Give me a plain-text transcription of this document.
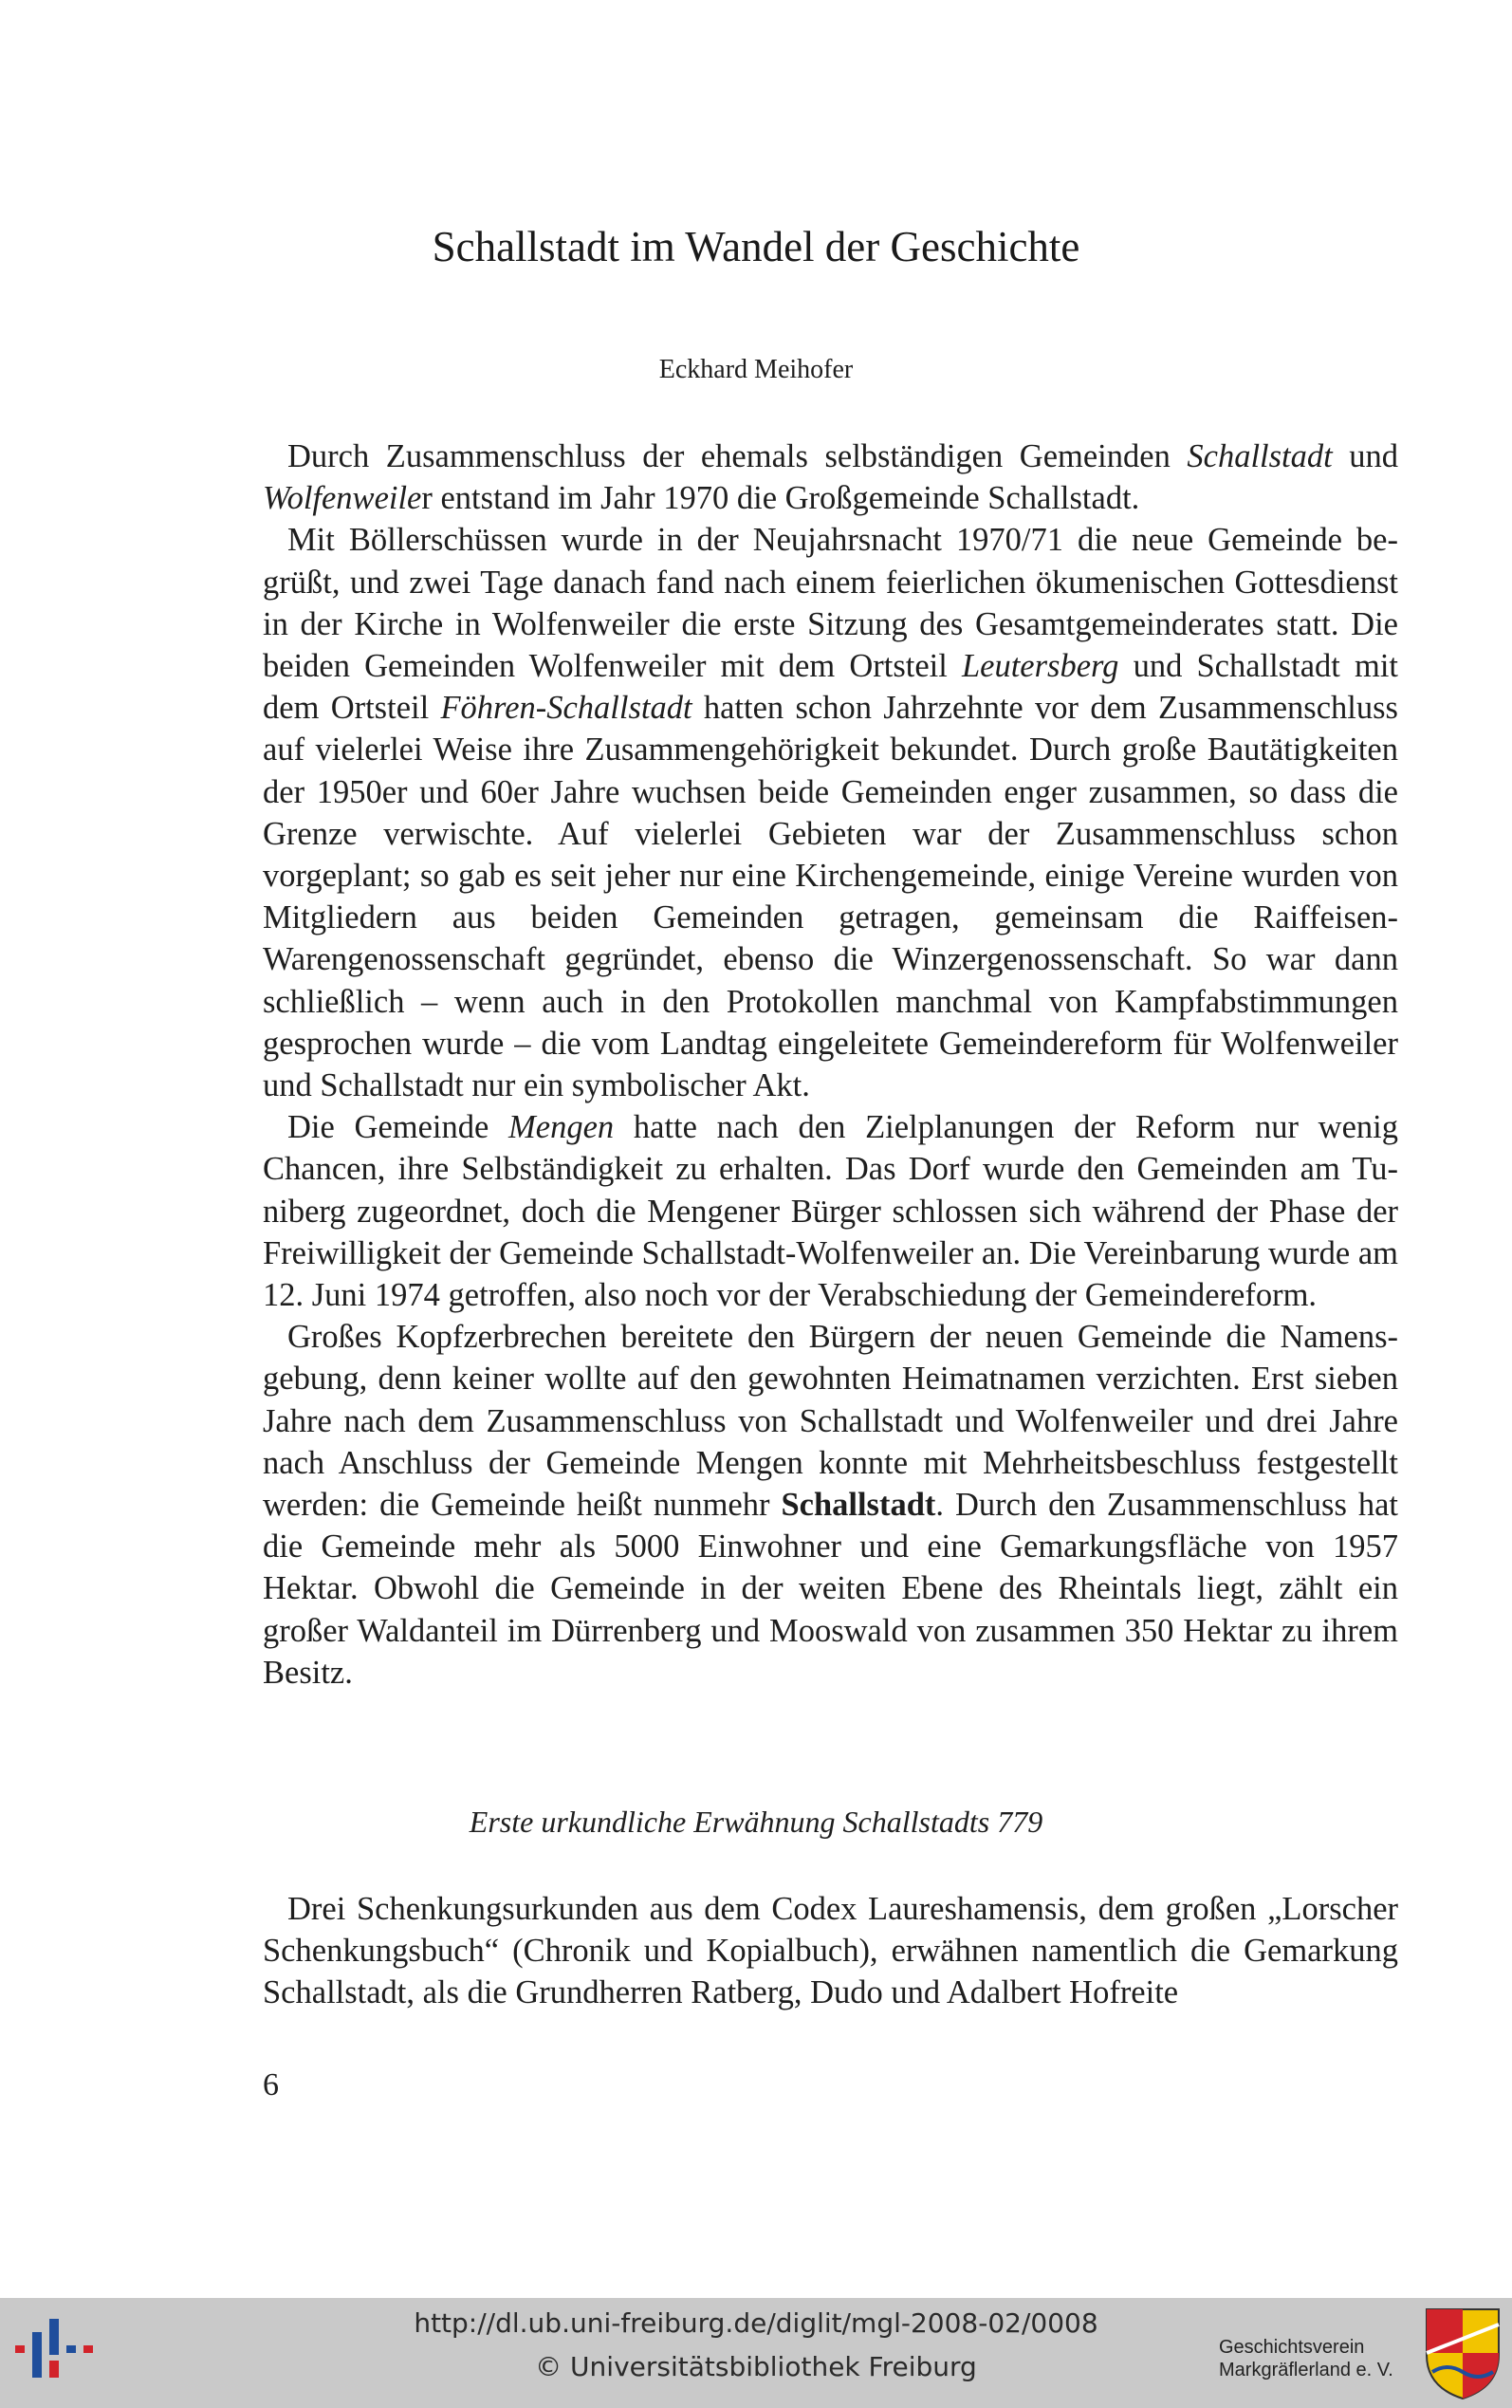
Schallstadt im Wandel der Geschichte
Eckhard Meihofer

Durch Zusammenschluss der ehemals selbständigen Gemeinden Schallstadt und Wolfenweiler entstand im Jahr 1970 die Großgemeinde Schallstadt.

Mit Böllerschüssen wurde in der Neujahrsnacht 1970/71 die neue Gemeinde begrüßt, und zwei Tage danach fand nach einem feierlichen ökumenischen Gottesdienst in der Kirche in Wolfenweiler die erste Sitzung des Gesamtgemeinderates statt. Die beiden Gemeinden Wolfenweiler mit dem Ortsteil Leutersberg und Schallstadt mit dem Ortsteil Föhren-Schallstadt hatten schon Jahrzehnte vor dem Zusammenschluss auf vielerlei Weise ihre Zusammengehörigkeit bekundet. Durch große Bautätigkeiten der 1950er und 60er Jahre wuchsen beide Gemeinden enger zusammen, so dass die Grenze verwischte. Auf vielerlei Gebieten war der Zusammenschluss schon vorgeplant; so gab es seit jeher nur eine Kirchengemeinde, einige Vereine wurden von Mitgliedern aus beiden Gemeinden getragen, gemeinsam die Raiffeisen-Warengenossenschaft gegründet, ebenso die Winzergenossenschaft. So war dann schließlich – wenn auch in den Protokollen manchmal von Kampfabstimmungen gesprochen wurde – die vom Landtag eingeleitete Gemeindereform für Wolfenweiler und Schallstadt nur ein symbolischer Akt.

Die Gemeinde Mengen hatte nach den Zielplanungen der Reform nur wenig Chancen, ihre Selbständigkeit zu erhalten. Das Dorf wurde den Gemeinden am Tuniberg zugeordnet, doch die Mengener Bürger schlossen sich während der Phase der Freiwilligkeit der Gemeinde Schallstadt-Wolfenweiler an. Die Vereinbarung wurde am 12. Juni 1974 getroffen, also noch vor der Verabschiedung der Gemeindereform.

Großes Kopfzerbrechen bereitete den Bürgern der neuen Gemeinde die Namensgebung, denn keiner wollte auf den gewohnten Heimatnamen verzichten. Erst sieben Jahre nach dem Zusammenschluss von Schallstadt und Wolfenweiler und drei Jahre nach Anschluss der Gemeinde Mengen konnte mit Mehrheitsbeschluss festgestellt werden: die Gemeinde heißt nunmehr Schallstadt. Durch den Zusammenschluss hat die Gemeinde mehr als 5000 Einwohner und eine Gemarkungsfläche von 1957 Hektar. Obwohl die Gemeinde in der weiten Ebene des Rheintals liegt, zählt ein großer Waldanteil im Dürrenberg und Mooswald von zusammen 350 Hektar zu ihrem Besitz.

Erste urkundliche Erwähnung Schallstadts 779

Drei Schenkungsurkunden aus dem Codex Laureshamensis, dem großen „Lorscher Schenkungsbuch“ (Chronik und Kopialbuch), erwähnen namentlich die Gemarkung Schallstadt, als die Grundherren Ratberg, Dudo und Adalbert Hofreite

6
http://dl.ub.uni-freiburg.de/diglit/mgl-2008-02/0008
© Universitätsbibliothek Freiburg
Geschichtsverein
Markgräflerland e. V.
